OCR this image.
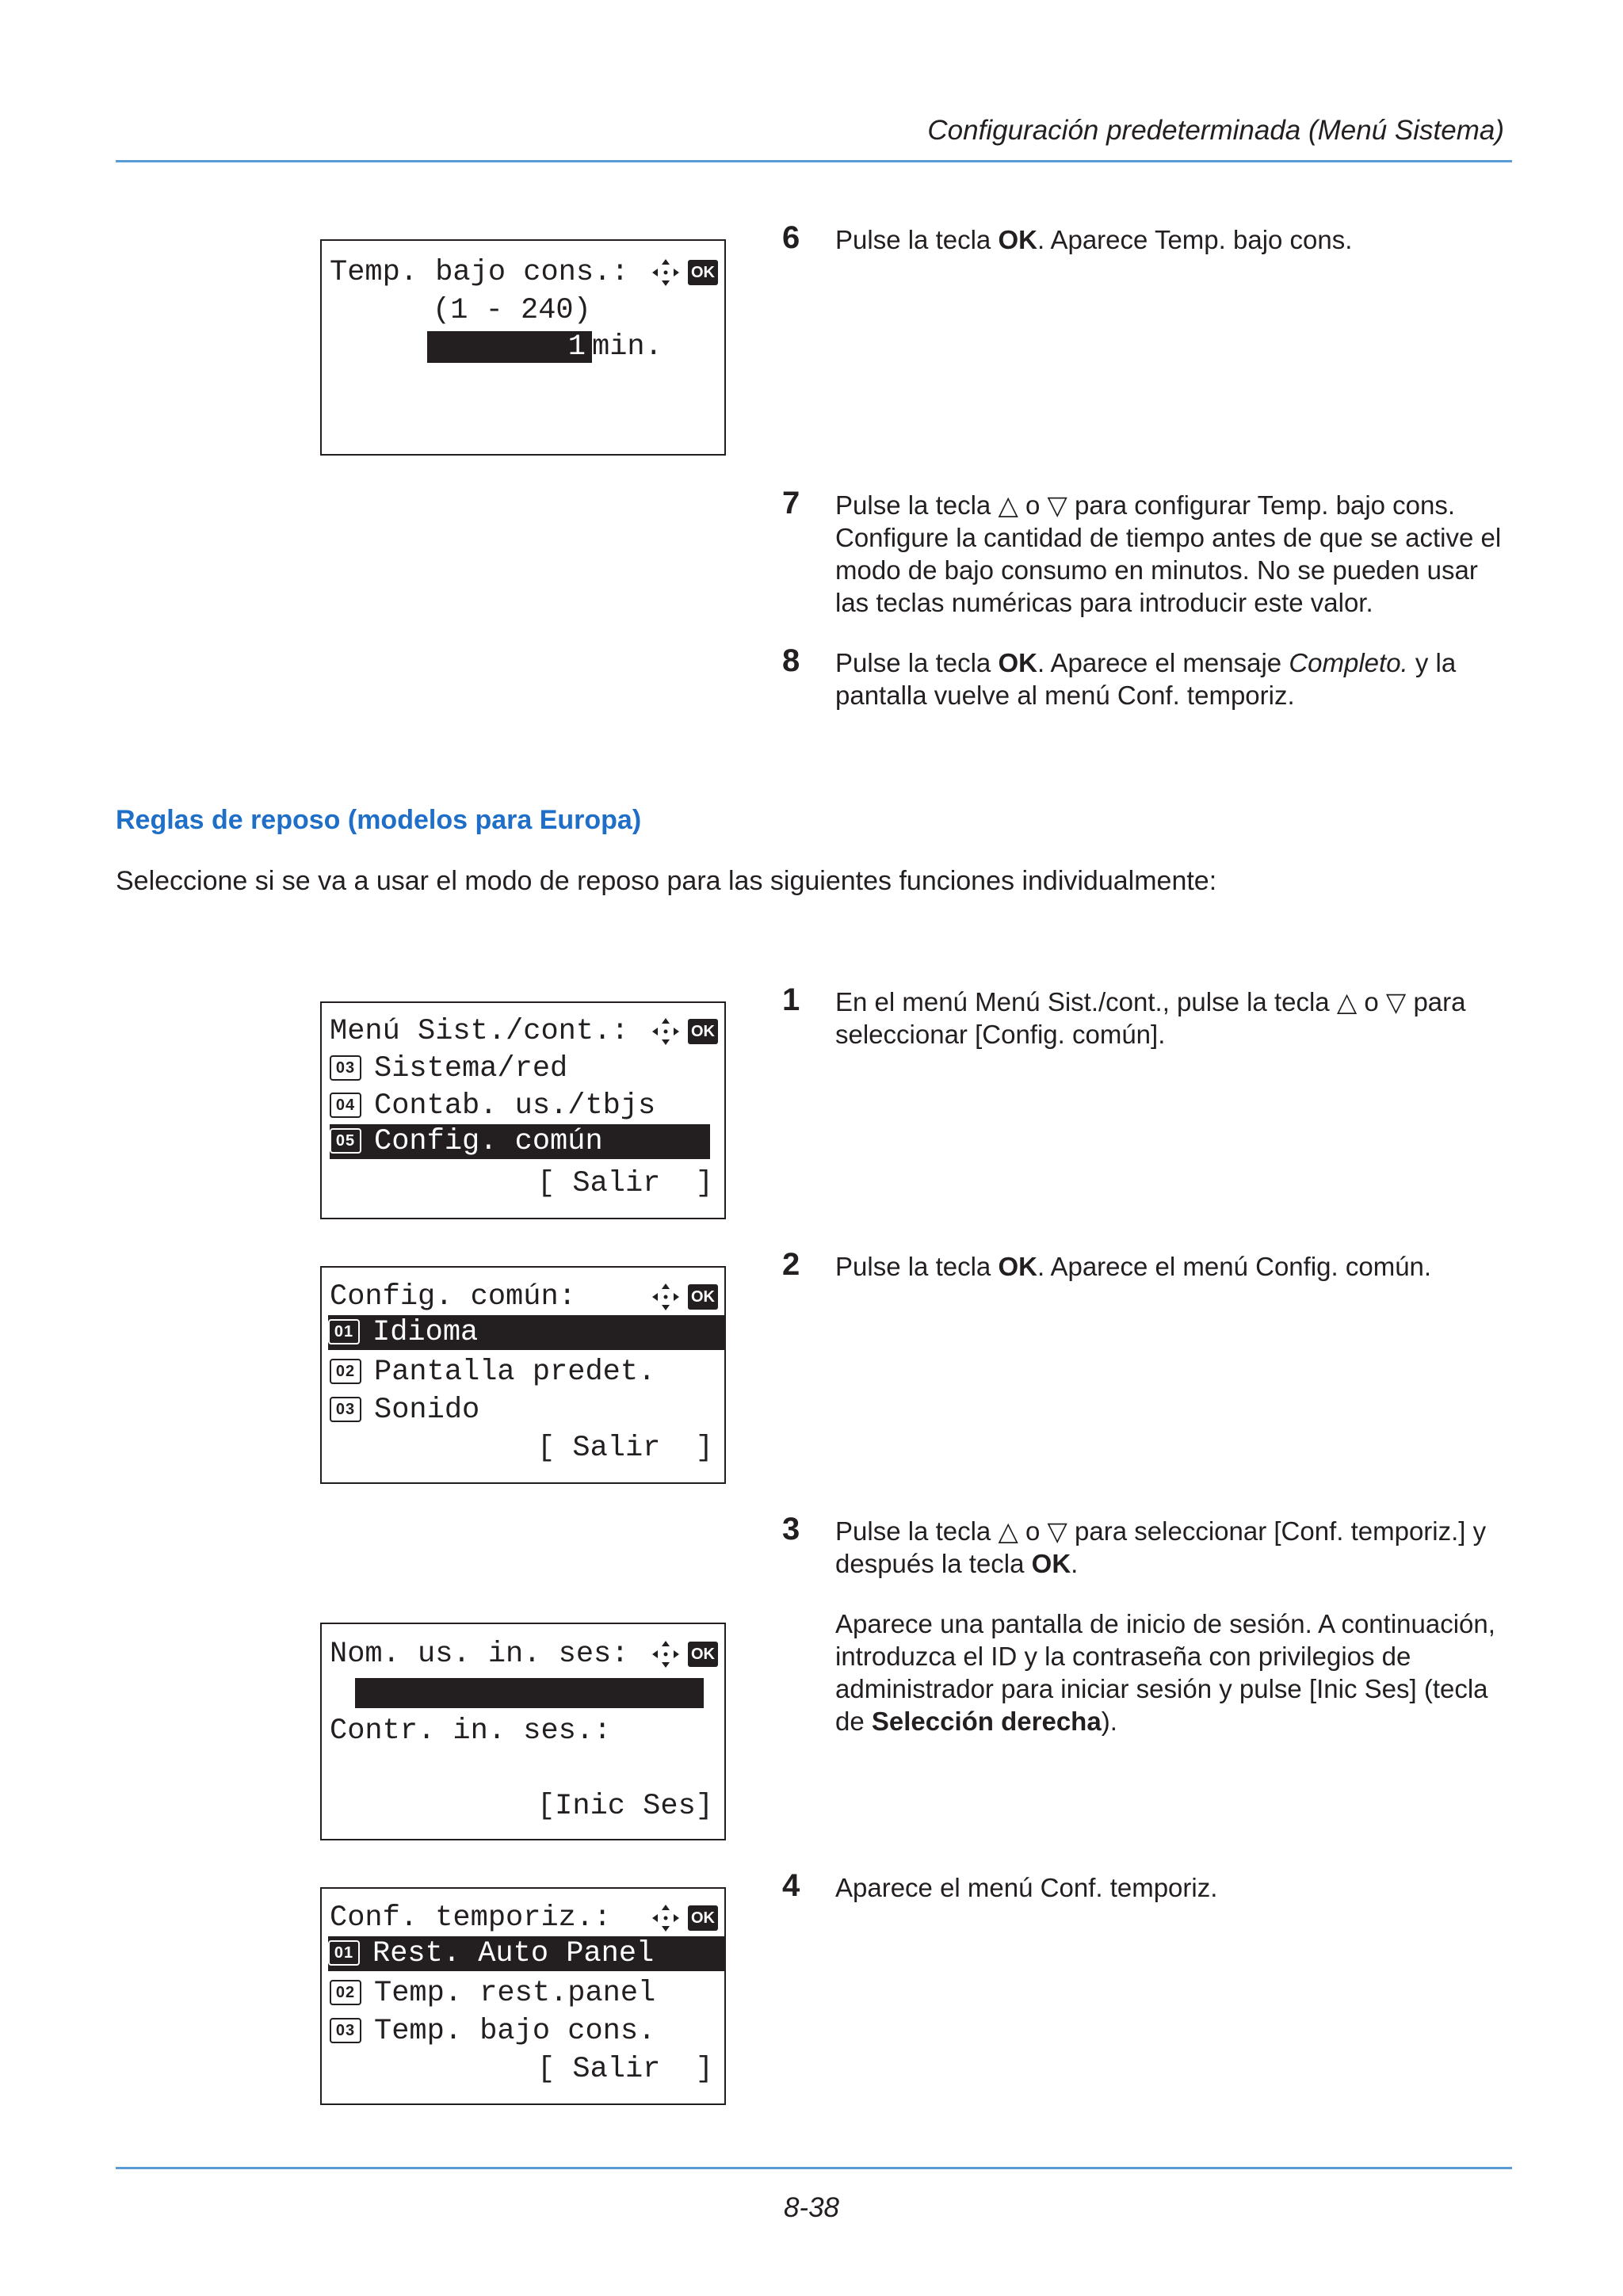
Configuración predeterminada (Menú Sistema)
Temp. bajo cons.:	OK
(1 - 240)
1 min.
6 Pulse la tecla OK. Aparece Temp. bajo cons.
7 Pulse la tecla △ o ▽ para configurar Temp. bajo cons. Configure la cantidad de tiempo antes de que se active el modo de bajo consumo en minutos. No se pueden usar las teclas numéricas para introducir este valor.
8 Pulse la tecla OK. Aparece el mensaje Completo. y la pantalla vuelve al menú Conf. temporiz.
Reglas de reposo (modelos para Europa)
Seleccione si se va a usar el modo de reposo para las siguientes funciones individualmente:
Menú Sist./cont.:	OK
03 Sistema/red
04 Contab. us./tbjs
05 Config. común
[ Salir  ]
Config. común:	OK
01 Idioma
02 Pantalla predet.
03 Sonido
[ Salir  ]
Nom. us. in. ses:	OK
Contr. in. ses.:
[Inic Ses]
Conf. temporiz.:	OK
01 Rest. Auto Panel
02 Temp. rest.panel
03 Temp. bajo cons.
[ Salir  ]
1 En el menú Menú Sist./cont., pulse la tecla △ o ▽ para seleccionar [Config. común].
2 Pulse la tecla OK. Aparece el menú Config. común.
3 Pulse la tecla △ o ▽ para seleccionar [Conf. temporiz.] y después la tecla OK.
Aparece una pantalla de inicio de sesión. A continuación, introduzca el ID y la contraseña con privilegios de administrador para iniciar sesión y pulse [Inic Ses] (tecla de Selección derecha).
4 Aparece el menú Conf. temporiz.
8-38
